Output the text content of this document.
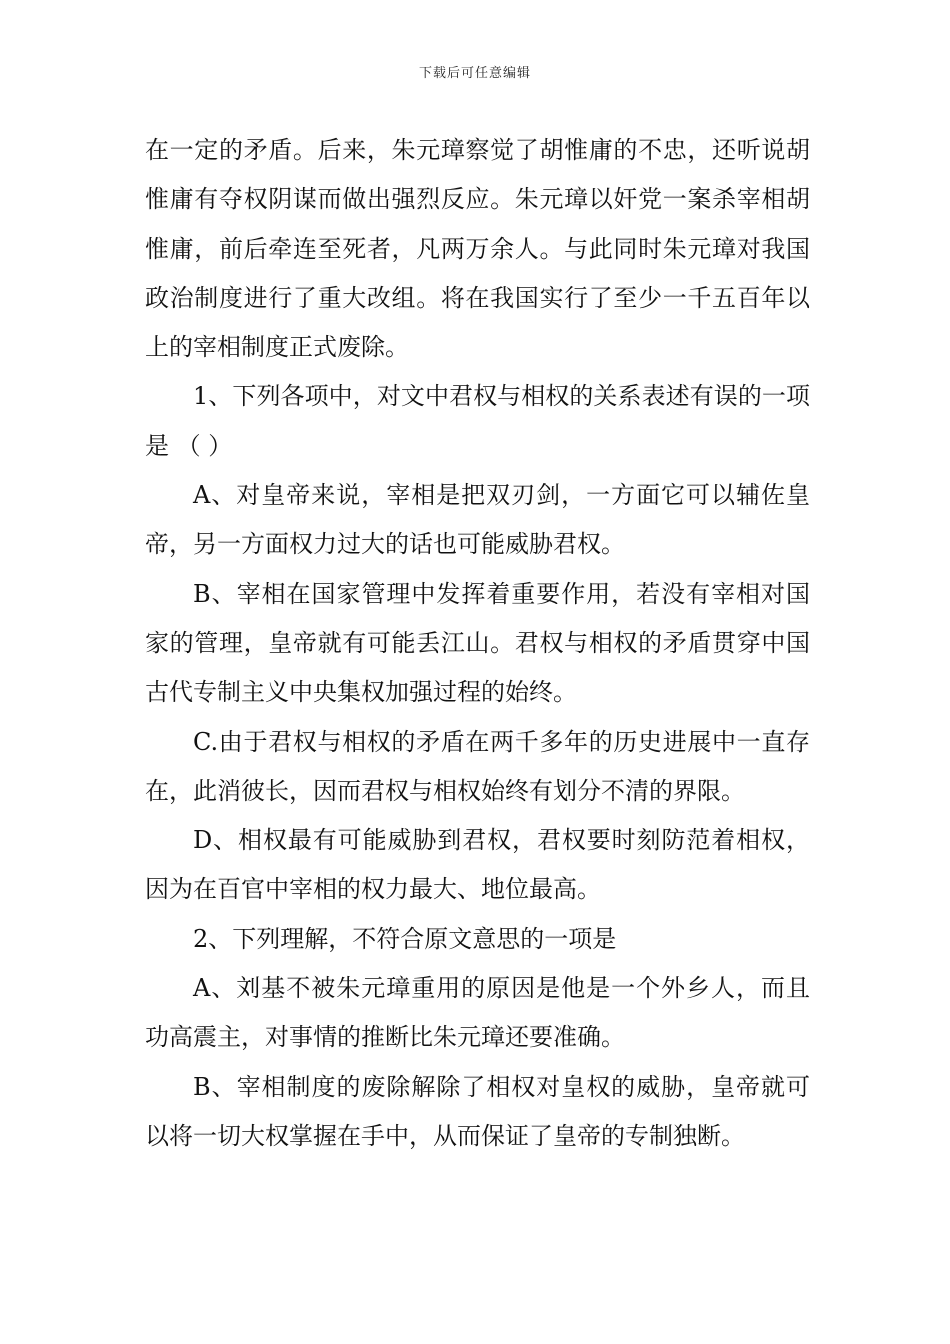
下载后可任意编辑

在一定的矛盾。后来，朱元璋察觉了胡惟庸的不忠，还听说胡惟庸有夺权阴谋而做出强烈反应。朱元璋以奸党一案杀宰相胡惟庸，前后牵连至死者，凡两万余人。与此同时朱元璋对我国政治制度进行了重大改组。将在我国实行了至少一千五百年以上的宰相制度正式废除。

1、下列各项中，对文中君权与相权的关系表述有误的一项是 （ ）

A、对皇帝来说，宰相是把双刃剑，一方面它可以辅佐皇帝，另一方面权力过大的话也可能威胁君权。

B、宰相在国家管理中发挥着重要作用，若没有宰相对国家的管理，皇帝就有可能丢江山。君权与相权的矛盾贯穿中国古代专制主义中央集权加强过程的始终。

C.由于君权与相权的矛盾在两千多年的历史进展中一直存在，此消彼长，因而君权与相权始终有划分不清的界限。

D、相权最有可能威胁到君权，君权要时刻防范着相权，因为在百官中宰相的权力最大、地位最高。

2、下列理解，不符合原文意思的一项是

A、刘基不被朱元璋重用的原因是他是一个外乡人，而且功高震主，对事情的推断比朱元璋还要准确。

B、宰相制度的废除解除了相权对皇权的威胁，皇帝就可以将一切大权掌握在手中，从而保证了皇帝的专制独断。
